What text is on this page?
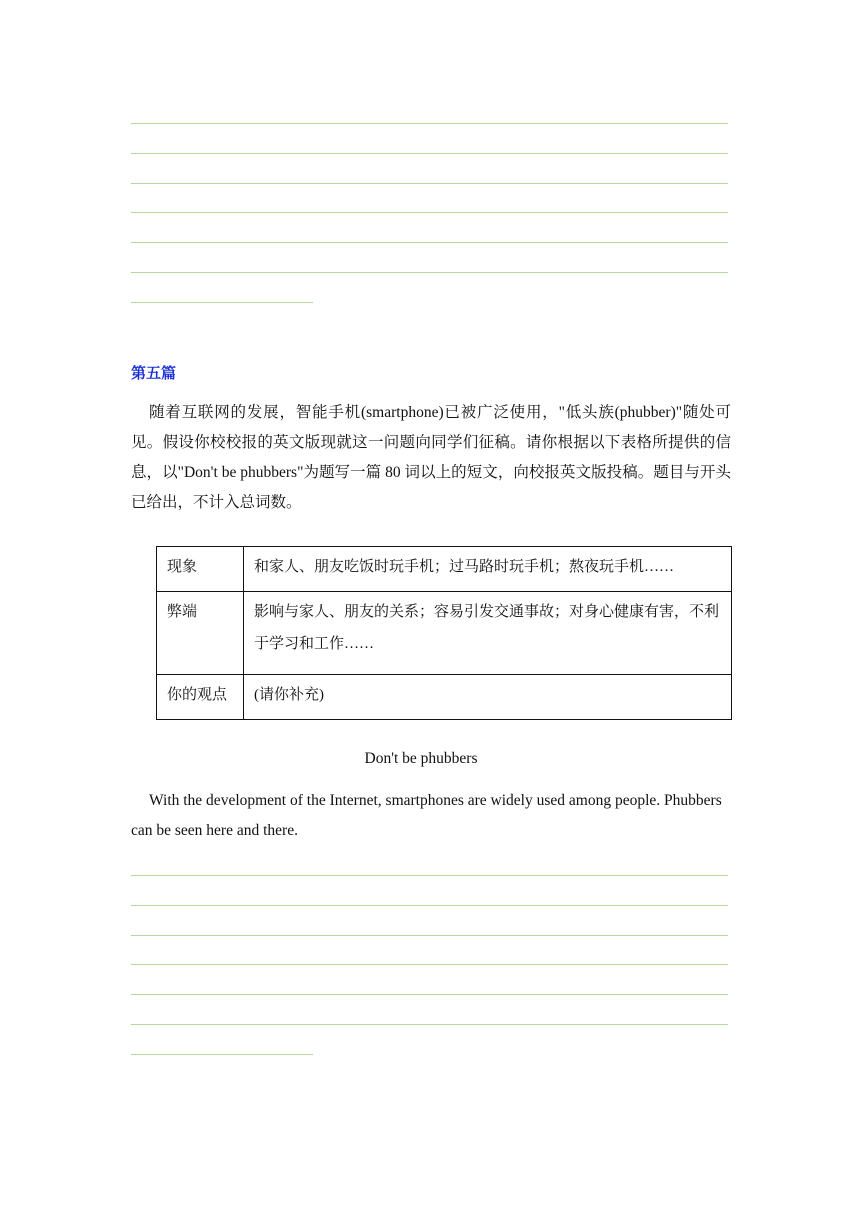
第五篇
随着互联网的发展，智能手机(smartphone)已被广泛使用，"低头族(phubber)"随处可见。假设你校校报的英文版现就这一问题向同学们征稿。请你根据以下表格所提供的信息，以"Don't be phubbers"为题写一篇 80 词以上的短文，向校报英文版投稿。题目与开头已给出，不计入总词数。
现象	和家人、朋友吃饭时玩手机；过马路时玩手机；熬夜玩手机……
弊端	影响与家人、朋友的关系；容易引发交通事故；对身心健康有害，不利于学习和工作……
你的观点	(请你补充)
Don't be phubbers
With the development of the Internet, smartphones are widely used among people. Phubbers can be seen here and there.
